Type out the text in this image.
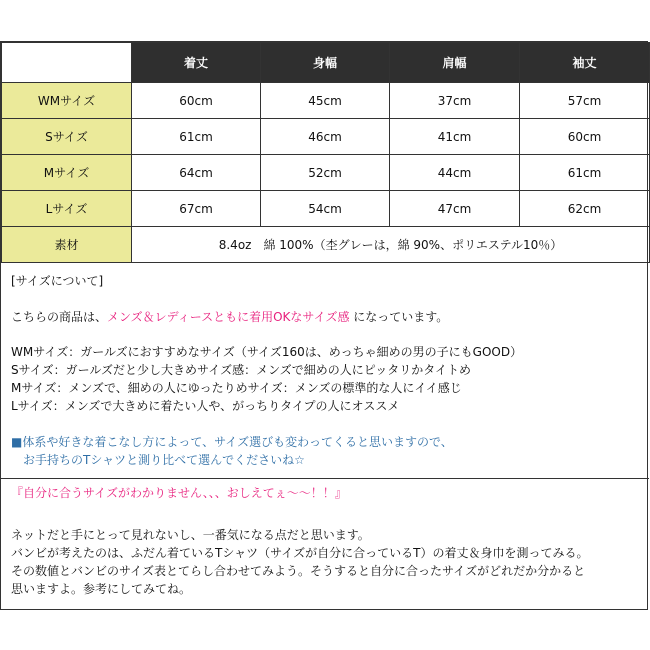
	着丈	身幅	肩幅	袖丈
WMサイズ	60cm	45cm	37cm	57cm
Sサイズ	61cm	46cm	41cm	60cm
Mサイズ	64cm	52cm	44cm	61cm
Lサイズ	67cm	54cm	47cm	62cm
素材	8.4oz　綿 100%（杢グレーは，綿 90%、ポリエステル10％）			
[サイズについて]
こちらの商品は、メンズ＆レディースともに着用OKなサイズ感 になっています。
WMサイズ：ガールズにおすすめなサイズ（サイズ160は、めっちゃ細めの男の子にもGOOD）
Sサイズ：ガールズだと少し大きめサイズ感：メンズで細めの人にピッタリかタイトめ
Mサイズ：メンズで、細めの人にゆったりめサイズ：メンズの標準的な人にイイ感じ
Lサイズ：メンズで大きめに着たい人や、がっちりタイプの人にオススメ
■体系や好きな着こなし方によって、サイズ選びも変わってくると思いますので、
お手持ちのTシャツと測り比べて選んでくださいね☆
『自分に合うサイズがわかりません、、、おしえてぇ〜〜！！』
ネットだと手にとって見れないし、一番気になる点だと思います。
バンビが考えたのは、ふだん着ているTシャツ（サイズが自分に合っているT）の着丈＆身巾を測ってみる。
その数値とバンビのサイズ表とてらし合わせてみよう。そうすると自分に合ったサイズがどれだか分かると
思いますよ。参考にしてみてね。
